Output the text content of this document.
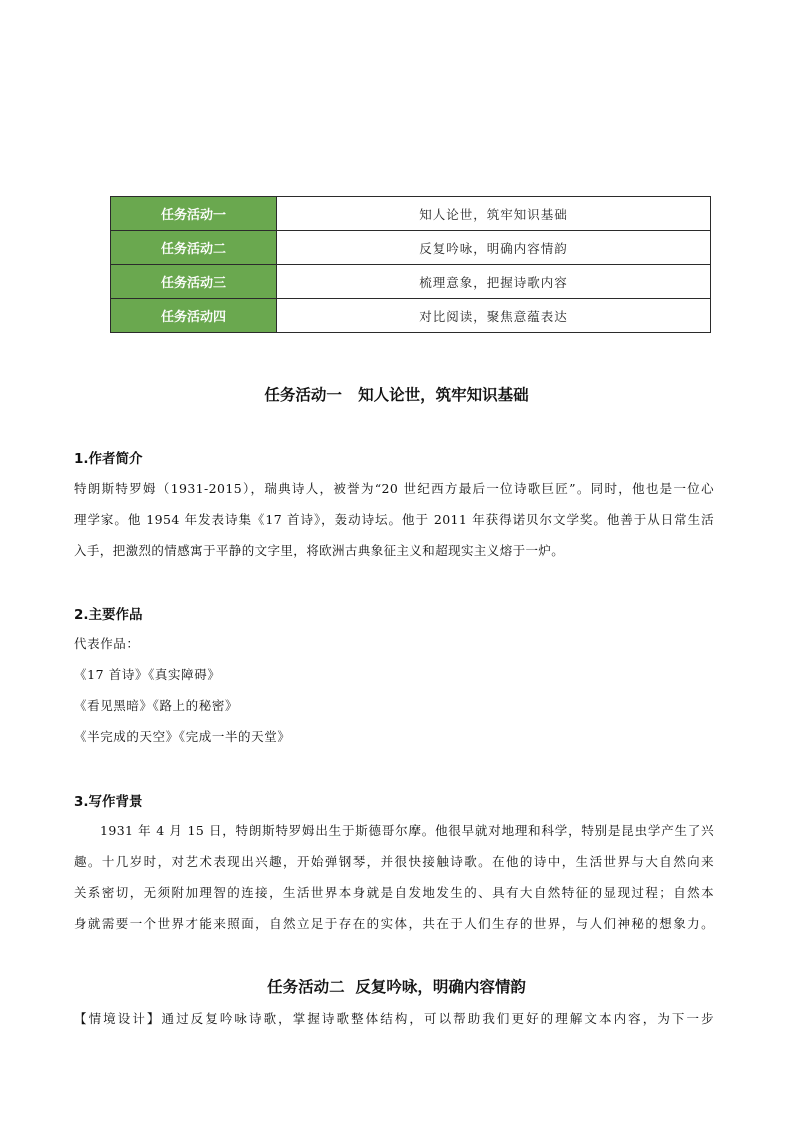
任务活动一	知人论世，筑牢知识基础
任务活动二	反复吟咏，明确内容情韵
任务活动三	梳理意象，把握诗歌内容
任务活动四	对比阅读，聚焦意蕴表达
任务活动一   知人论世，筑牢知识基础
1.作者简介

特朗斯特罗姆（1931-2015），瑞典诗人，被誉为“20 世纪西方最后一位诗歌巨匠”。同时，他也是一位心

理学家。他 1954 年发表诗集《17 首诗》，轰动诗坛。他于 2011 年获得诺贝尔文学奖。他善于从日常生活

入手，把激烈的情感寓于平静的文字里，将欧洲古典象征主义和超现实主义熔于一炉。

2.主要作品

代表作品：

《17 首诗》《真实障碍》

《看见黑暗》《路上的秘密》

《半完成的天空》《完成一半的天堂》

3.写作背景

1931 年 4 月 15 日，特朗斯特罗姆出生于斯德哥尔摩。他很早就对地理和科学，特别是昆虫学产生了兴

趣。十几岁时，对艺术表现出兴趣，开始弹钢琴，并很快接触诗歌。在他的诗中，生活世界与大自然向来

关系密切，无须附加理智的连接，生活世界本身就是自发地发生的、具有大自然特征的显现过程；自然本

身就需要一个世界才能来照面，自然立足于存在的实体，共在于人们生存的世界，与人们神秘的想象力。

任务活动二  反复吟咏，明确内容情韵

【情境设计】通过反复吟咏诗歌，掌握诗歌整体结构，可以帮助我们更好的理解文本内容，为下一步
